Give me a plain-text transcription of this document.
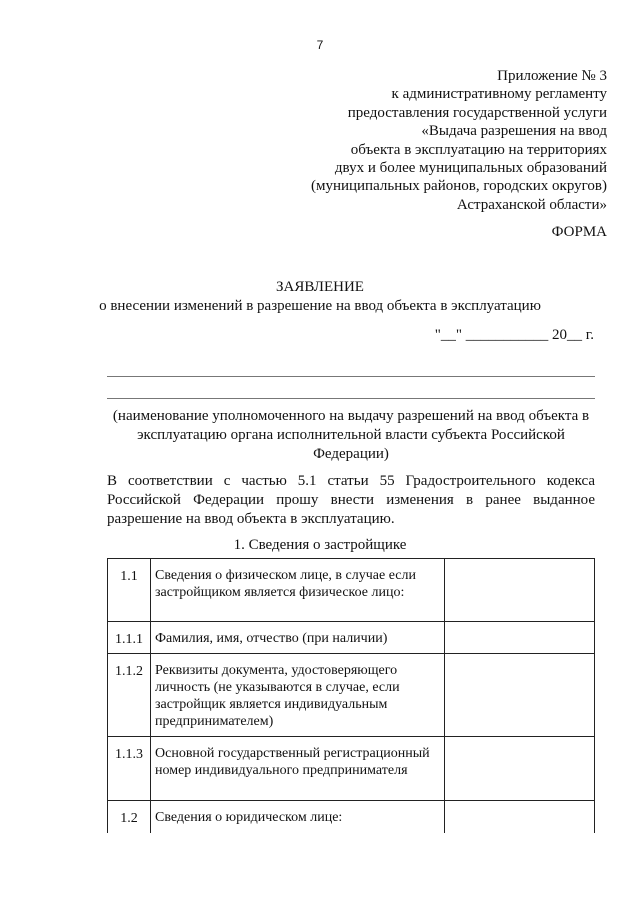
7
Приложение № 3
к административному регламенту
предоставления государственной услуги
«Выдача разрешения на ввод
объекта в эксплуатацию на территориях
двух и более муниципальных образований
(муниципальных районов, городских округов)
Астраханской области»
ФОРМА
ЗАЯВЛЕНИЕ
о внесении изменений в разрешение на ввод объекта в эксплуатацию
"__" ___________ 20__ г.
(наименование уполномоченного на выдачу разрешений на ввод объекта в эксплуатацию органа исполнительной власти субъекта Российской Федерации)
В соответствии с частью 5.1 статьи 55 Градостроительного кодекса Российской Федерации прошу внести изменения в ранее выданное разрешение на ввод объекта в эксплуатацию.
1. Сведения о застройщике
1.1	Сведения о физическом лице, в случае если застройщиком является физическое лицо:	
1.1.1	Фамилия, имя, отчество (при наличии)	
1.1.2	Реквизиты документа, удостоверяющего личность (не указываются в случае, если застройщик является индивидуальным предпринимателем)	
1.1.3	Основной государственный регистрационный номер индивидуального предпринимателя	
1.2	Сведения о юридическом лице:	
